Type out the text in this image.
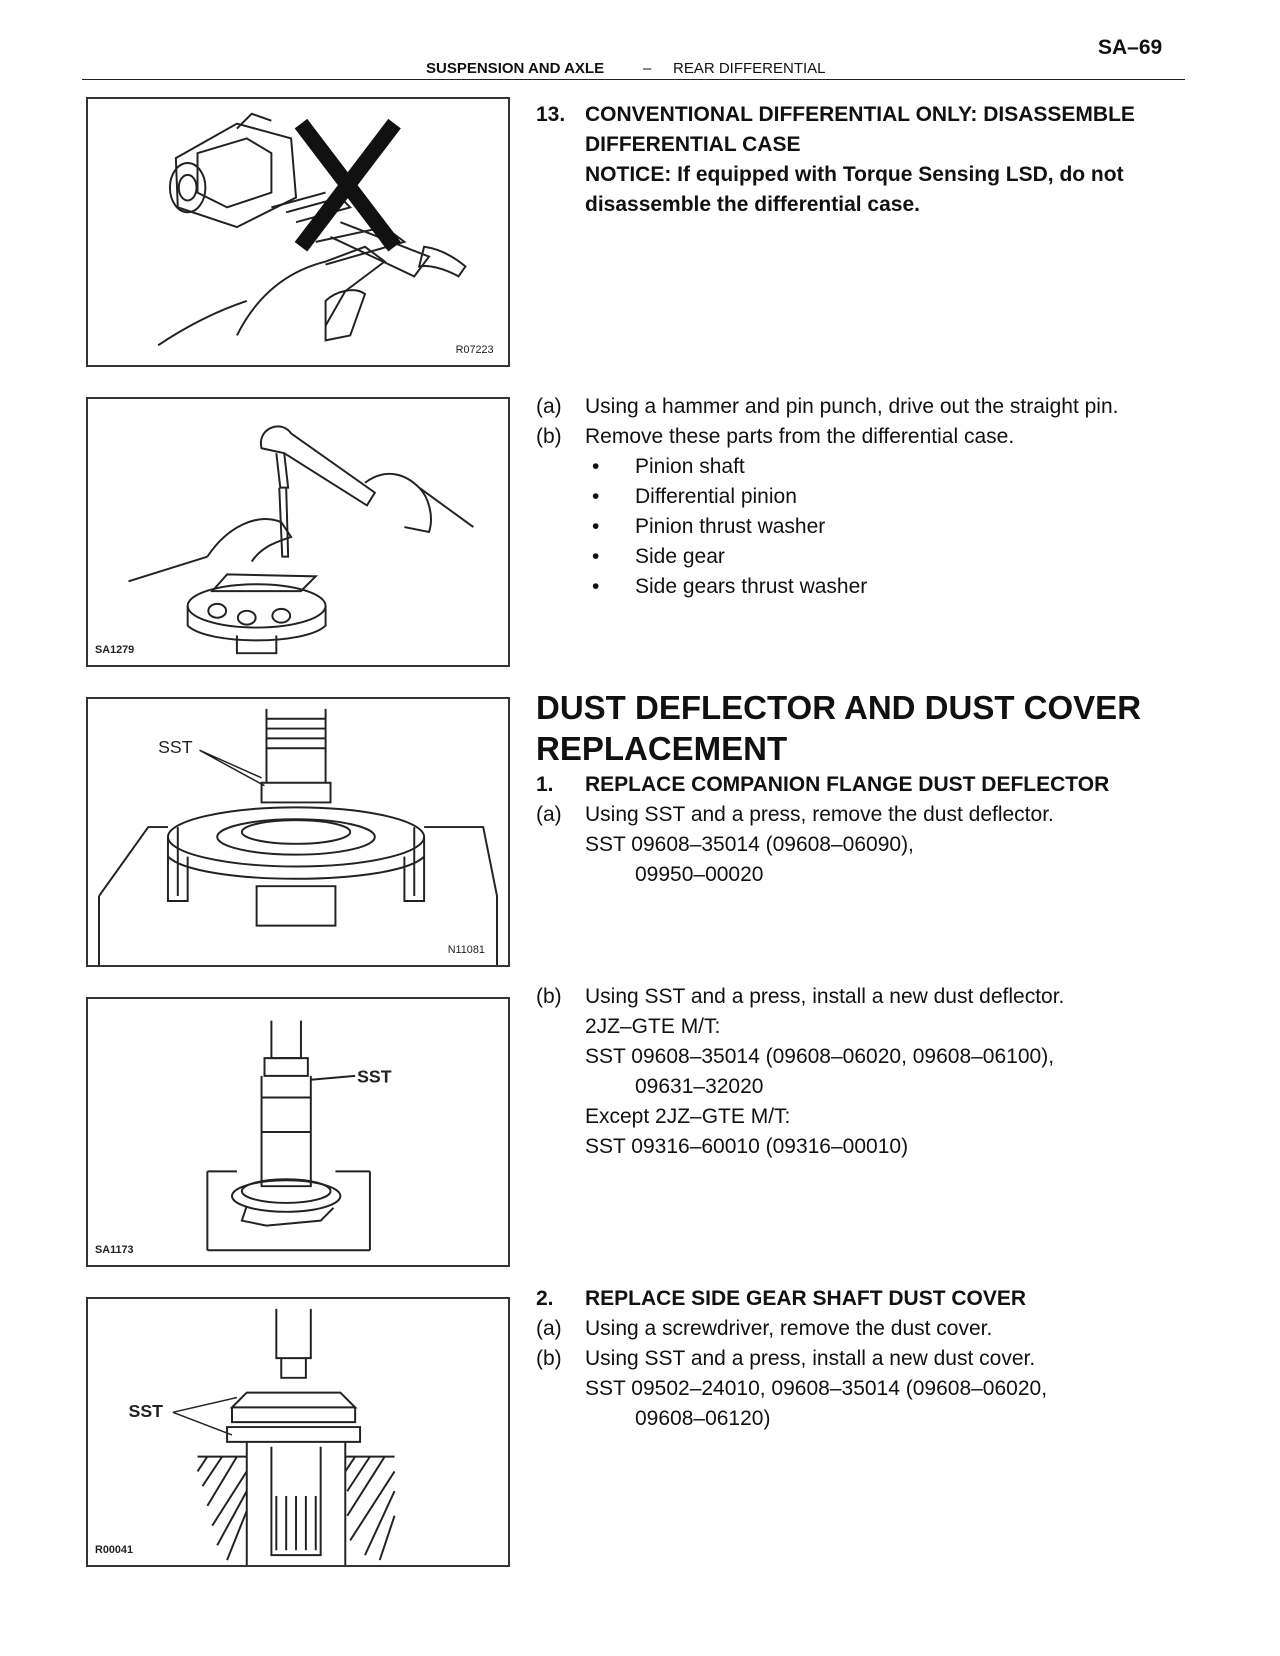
SA–69
SUSPENSION AND AXLE	– REAR DIFFERENTIAL
R07223
SA1279
SST
N11081
SST
SA1173
SST
R00041
13. CONVENTIONAL DIFFERENTIAL ONLY: DISASSEMBLE
DIFFERENTIAL CASE
NOTICE: If equipped with Torque Sensing LSD, do not
disassemble the differential case.
(a) Using a hammer and pin punch, drive out the straight pin.
(b) Remove these parts from the differential case.
• Pinion shaft
• Differential pinion
• Pinion thrust washer
• Side gear
• Side gears thrust washer
DUST DEFLECTOR AND DUST COVER
REPLACEMENT
1. REPLACE COMPANION FLANGE DUST DEFLECTOR
(a) Using SST and a press, remove the dust deflector.
SST 09608–35014 (09608–06090),
09950–00020
(b) Using SST and a press, install a new dust deflector.
2JZ–GTE M/T:
SST 09608–35014 (09608–06020, 09608–06100),
09631–32020
Except 2JZ–GTE M/T:
SST 09316–60010 (09316–00010)
2. REPLACE SIDE GEAR SHAFT DUST COVER
(a) Using a screwdriver, remove the dust cover.
(b) Using SST and a press, install a new dust cover.
SST 09502–24010, 09608–35014 (09608–06020,
09608–06120)
